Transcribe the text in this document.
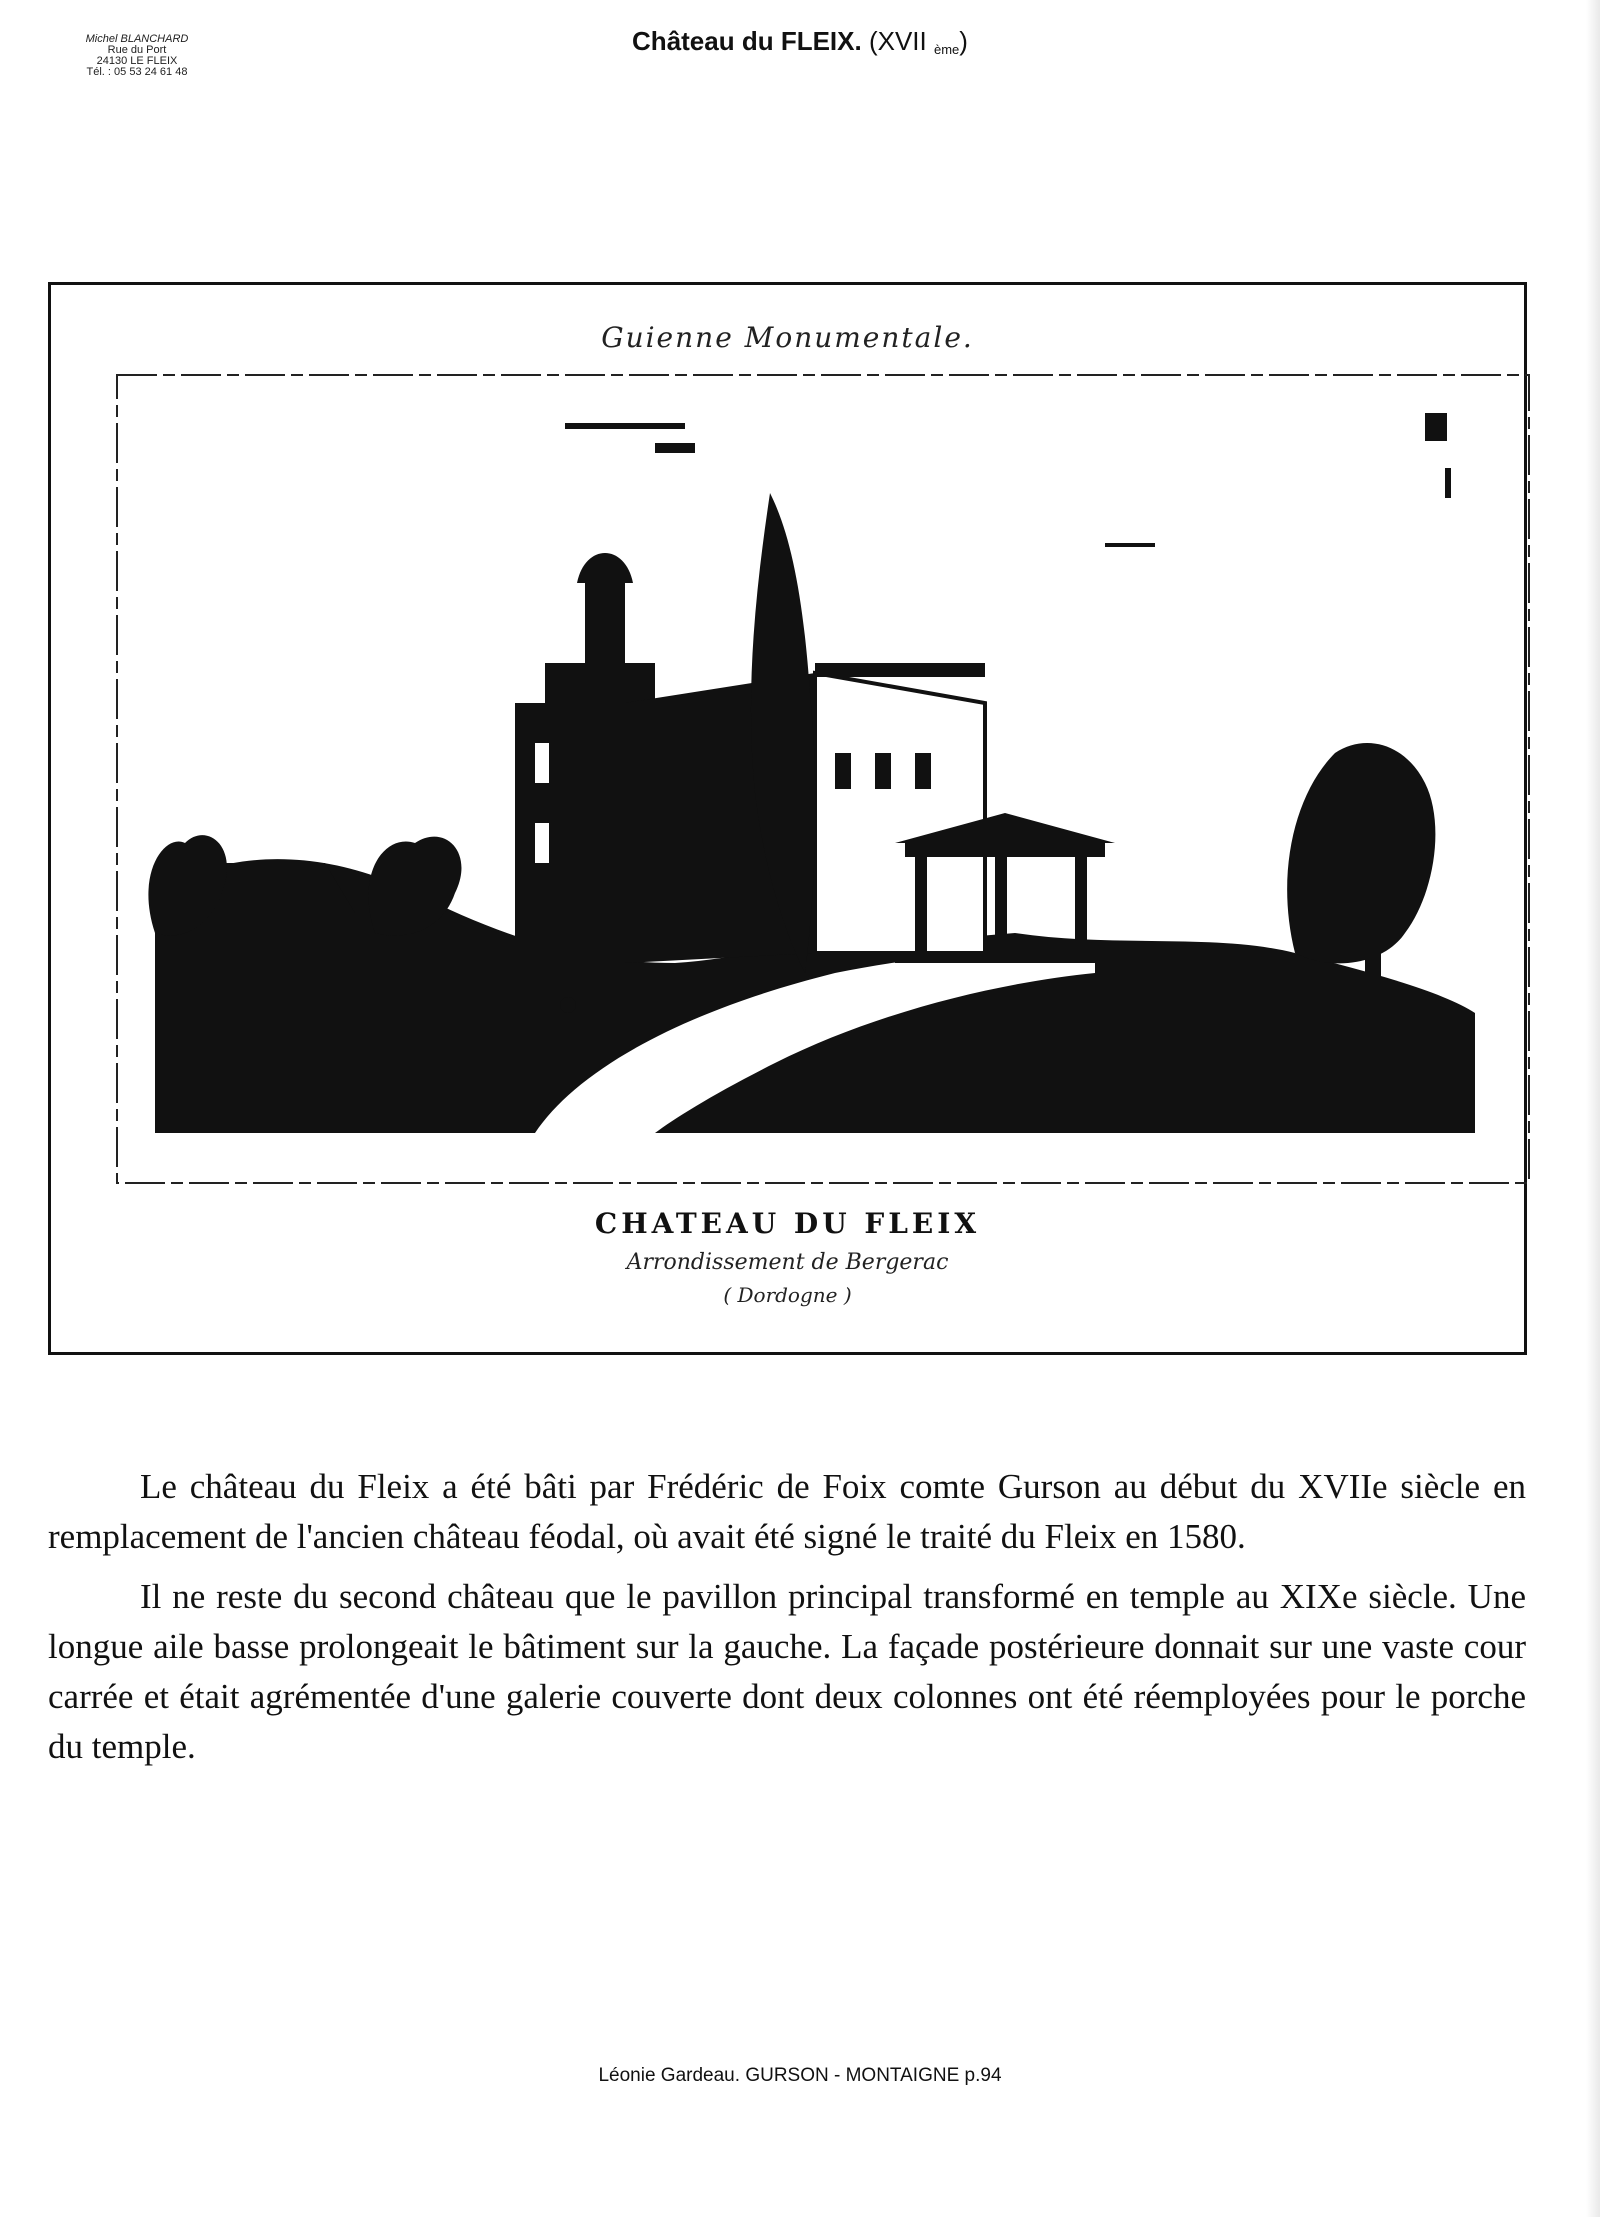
Michel BLANCHARD
Rue du Port
24130 LE FLEIX
Tél. : 05 53 24 61 48
Château du FLEIX. (XVII $^{ème}$)
Guienne Monumentale.
CHATEAU DU FLEIX
Arrondissement de Bergerac
( Dordogne )

Le château du Fleix a été bâti par Frédéric de Foix comte Gurson au début du XVIIe siècle en remplacement de l'ancien château féodal, où avait été signé le traité du Fleix en 1580.

Il ne reste du second château que le pavillon principal transformé en temple au XIXe siècle. Une longue aile basse prolongeait le bâtiment sur la gauche. La façade postérieure donnait sur une vaste cour carrée et était agrémentée d'une galerie couverte dont deux colonnes ont été réemployées pour le porche du temple.

Léonie Gardeau. GURSON - MONTAIGNE p.94
